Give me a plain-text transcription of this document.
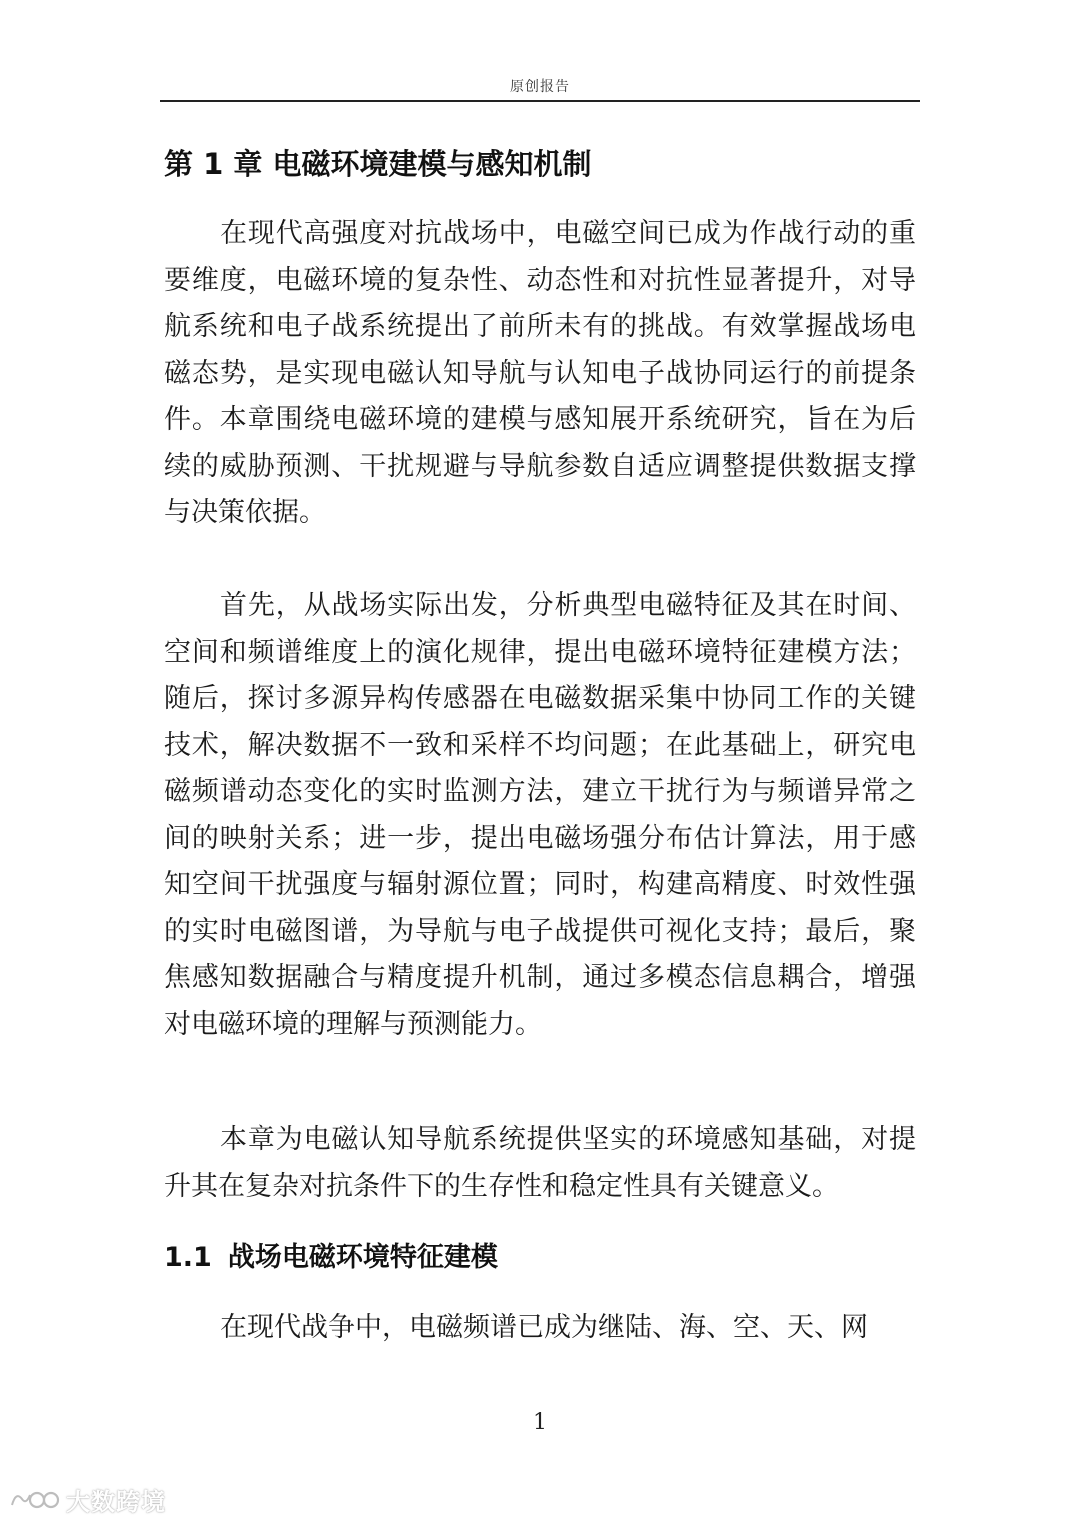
原创报告
第 1 章 电磁环境建模与感知机制

在现代高强度对抗战场中，电磁空间已成为作战行动的重要维度，电磁环境的复杂性、动态性和对抗性显著提升，对导航系统和电子战系统提出了前所未有的挑战。有效掌握战场电磁态势，是实现电磁认知导航与认知电子战协同运行的前提条件。本章围绕电磁环境的建模与感知展开系统研究，旨在为后续的威胁预测、干扰规避与导航参数自适应调整提供数据支撑与决策依据。

首先，从战场实际出发，分析典型电磁特征及其在时间、空间和频谱维度上的演化规律，提出电磁环境特征建模方法；随后，探讨多源异构传感器在电磁数据采集中协同工作的关键技术，解决数据不一致和采样不均问题；在此基础上，研究电磁频谱动态变化的实时监测方法，建立干扰行为与频谱异常之间的映射关系；进一步，提出电磁场强分布估计算法，用于感知空间干扰强度与辐射源位置；同时，构建高精度、时效性强的实时电磁图谱，为导航与电子战提供可视化支持；最后，聚焦感知数据融合与精度提升机制，通过多模态信息耦合，增强对电磁环境的理解与预测能力。

本章为电磁认知导航系统提供坚实的环境感知基础，对提升其在复杂对抗条件下的生存性和稳定性具有关键意义。

1.1 战场电磁环境特征建模

在现代战争中，电磁频谱已成为继陆、海、空、天、网

1
大数跨境
